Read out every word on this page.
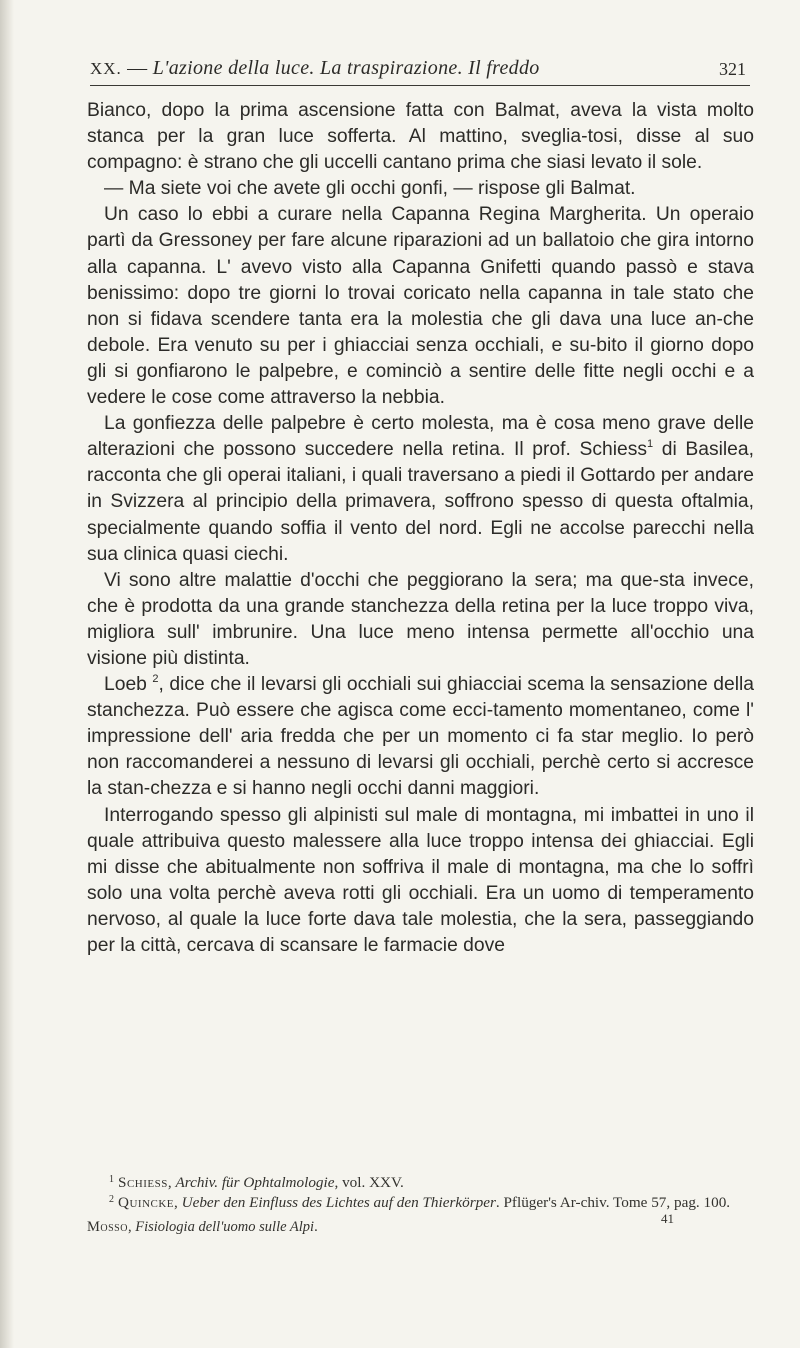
XX. — L'azione della luce. La traspirazione. Il freddo	321

Bianco, dopo la prima ascensione fatta con Balmat, aveva la vista molto stanca per la gran luce sofferta. Al mattino, sveglia-tosi, disse al suo compagno: è strano che gli uccelli cantano prima che siasi levato il sole.

— Ma siete voi che avete gli occhi gonfi, — rispose gli Balmat.

Un caso lo ebbi a curare nella Capanna Regina Margherita. Un operaio partì da Gressoney per fare alcune riparazioni ad un ballatoio che gira intorno alla capanna. L' avevo visto alla Capanna Gnifetti quando passò e stava benissimo: dopo tre giorni lo trovai coricato nella capanna in tale stato che non si fidava scendere tanta era la molestia che gli dava una luce an-che debole. Era venuto su per i ghiacciai senza occhiali, e su-bito il giorno dopo gli si gonfiarono le palpebre, e cominciò a sentire delle fitte negli occhi e a vedere le cose come attraverso la nebbia.

La gonfiezza delle palpebre è certo molesta, ma è cosa meno grave delle alterazioni che possono succedere nella retina. Il prof. Schiess$^1$ di Basilea, racconta che gli operai italiani, i quali traversano a piedi il Gottardo per andare in Svizzera al principio della primavera, soffrono spesso di questa oftalmia, specialmente quando soffia il vento del nord. Egli ne accolse parecchi nella sua clinica quasi ciechi.

Vi sono altre malattie d'occhi che peggiorano la sera; ma que-sta invece, che è prodotta da una grande stanchezza della retina per la luce troppo viva, migliora sull' imbrunire. Una luce meno intensa permette all'occhio una visione più distinta.

Loeb $^2$, dice che il levarsi gli occhiali sui ghiacciai scema la sensazione della stanchezza. Può essere che agisca come ecci-tamento momentaneo, come l' impressione dell' aria fredda che per un momento ci fa star meglio. Io però non raccomanderei a nessuno di levarsi gli occhiali, perchè certo si accresce la stan-chezza e si hanno negli occhi danni maggiori.

Interrogando spesso gli alpinisti sul male di montagna, mi imbattei in uno il quale attribuiva questo malessere alla luce troppo intensa dei ghiacciai. Egli mi disse che abitualmente non soffriva il male di montagna, ma che lo soffrì solo una volta perchè aveva rotti gli occhiali. Era un uomo di temperamento nervoso, al quale la luce forte dava tale molestia, che la sera, passeggiando per la città, cercava di scansare le farmacie dove

$^1$ Schiess, Archiv. für Ophtalmologie, vol. XXV.

$^2$ Quincke, Ueber den Einfluss des Lichtes auf den Thierkörper. Pflüger's Ar-chiv. Tome 57, pag. 100.

Mosso, Fisiologia dell'uomo sulle Alpi.
41
